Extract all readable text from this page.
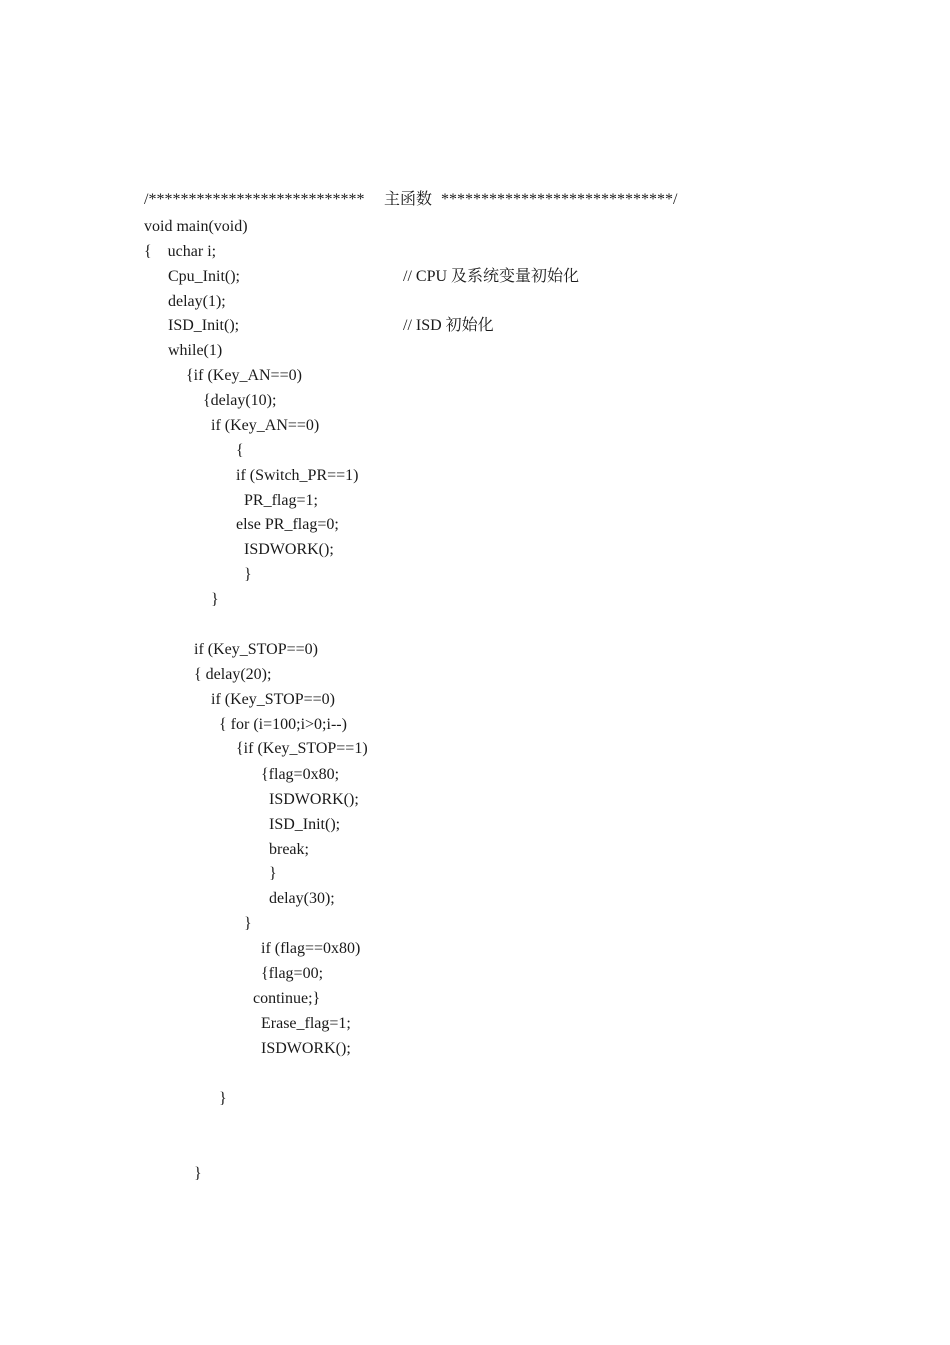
/*************************** 主函数 *****************************/
void main(void)
{    uchar i;
Cpu_Init();	// CPU 及系统变量初始化
delay(1);
ISD_Init();	// ISD 初始化
while(1)
{if (Key_AN==0)
{delay(10);
if (Key_AN==0)
{
if (Switch_PR==1)
PR_flag=1;
else PR_flag=0;
ISDWORK();
}
}
if (Key_STOP==0)
{ delay(20);
if (Key_STOP==0)
{ for (i=100;i>0;i--)
{if (Key_STOP==1)
{flag=0x80;
ISDWORK();
ISD_Init();
break;
}
delay(30);
}
if (flag==0x80)
{flag=00;
continue;}
Erase_flag=1;
ISDWORK();
}
}
